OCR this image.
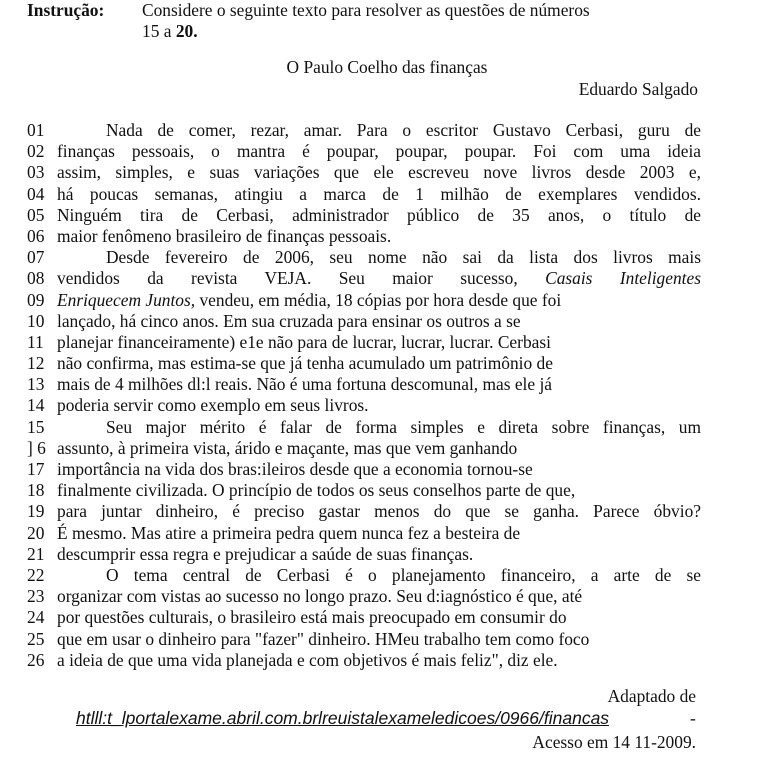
Instrução: Considere o seguinte texto para resolver as questões de números
15 a 20.
O Paulo Coelho das finanças
Eduardo Salgado
01	Nada de comer, rezar, amar. Para o escritor Gustavo Cerbasi, guru de
02 finanças pessoais, o mantra é poupar, poupar, poupar. Foi com uma ideia
03 assim, simples, e suas variações que ele escreveu nove livros desde 2003 e,
04 há poucas semanas, atingiu a marca de 1 milhão de exemplares vendidos.
05 Ninguém tira de Cerbasi, administrador público de 35 anos, o título de
06 maior fenômeno brasileiro de finanças pessoais.
07	Desde fevereiro de 2006, seu nome não sai da lista dos livros mais
08 vendidos da revista VEJA. Seu maior sucesso, Casais Inteligentes
09 Enriquecem Juntos, vendeu, em média, 18 cópias por hora desde que foi
10 lançado, há cinco anos. Em sua cruzada para ensinar os outros a se
11 planejar financeiramente) e1e não para de lucrar, lucrar, lucrar. Cerbasi
12 não confirma, mas estima-se que já tenha acumulado um patrimônio de
13 mais de 4 milhões dl:l reais. Não é uma fortuna descomunal, mas ele já
14 poderia servir como exemplo em seus livros.
15	Seu major mérito é falar de forma simples e direta sobre finanças, um
] 6 assunto, à primeira vista, árido e maçante, mas que vem ganhando
17 importância na vida dos bras:ileiros desde que a economia tornou-se
18 finalmente civilizada. O princípio de todos os seus conselhos parte de que,
19 para juntar dinheiro, é preciso gastar menos do que se ganha. Parece óbvio?
20 É mesmo. Mas atire a primeira pedra quem nunca fez a besteira de
21 descumprir essa regra e prejudicar a saúde de suas finanças.
22	O tema central de Cerbasi é o planejamento financeiro, a arte de se
23 organizar com vistas ao sucesso no longo prazo. Seu d:iagnóstico é que, até
24 por questões culturais, o brasileiro está mais preocupado em consumir do
25 que em usar o dinheiro para "fazer" dinheiro. HMeu trabalho tem como foco
26 a ideia de que uma vida planejada e com objetivos é mais feliz", diz ele.
Adaptado de
htlll:t_lportalexame.abril.com.brlreuistalexameledicoes/0966/financas	-
Acesso em 14 11-2009.
